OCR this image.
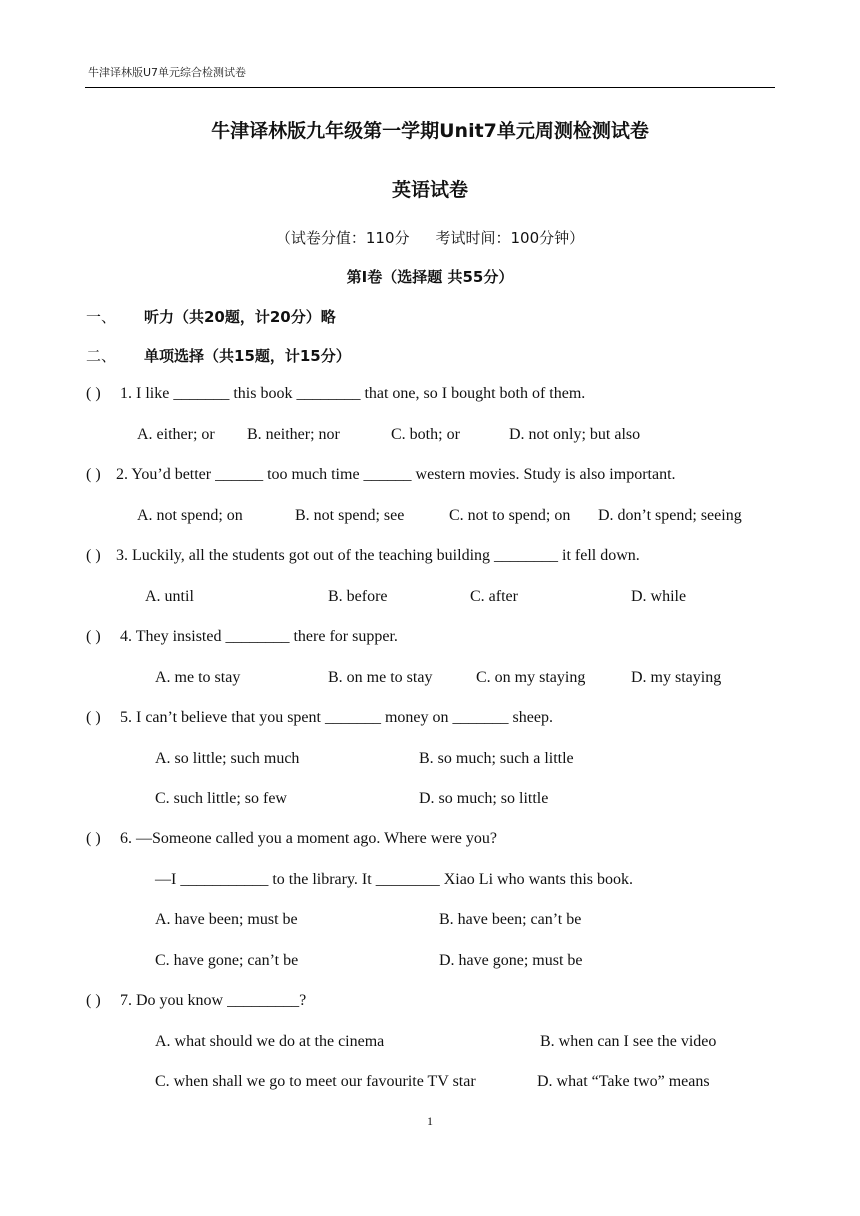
牛津译林版U7单元综合检测试卷
牛津译林版九年级第一学期Unit7单元周测检测试卷
英语试卷
（试卷分值：110分 考试时间：100分钟）
第Ⅰ卷（选择题 共55分）
一、 听力（共20题，计20分）略
二、 单项选择（共15题，计15分）
( ) 1. I like _______ this book ________ that one, so I bought both of them.
A. either; or B. neither; nor	C. both; or	D. not only; but also
( ) 2. You’d better ______ too much time ______ western movies. Study is also important.
A. not spend; on	B. not spend; see	C. not to spend; on D. don’t spend; seeing
( ) 3. Luckily, all the students got out of the teaching building ________ it fell down.
A. until	B. before	C. after	D. while
( ) 4. They insisted ________ there for supper.
A. me to stay	B. on me to stay	C. on my staying	D. my staying
( ) 5. I can’t believe that you spent _______ money on _______ sheep.
A. so little; such much	B. so much; such a little
C. such little; so few	D. so much; so little
( ) 6. —Someone called you a moment ago. Where were you?
—I ___________ to the library. It ________ Xiao Li who wants this book.
A. have been; must be	B. have been; can’t be
C. have gone; can’t be	D. have gone; must be
( ) 7. Do you know _________?
A. what should we do at the cinema	B. when can I see the video
C. when shall we go to meet our favourite TV star	D. what “Take two” means
1
